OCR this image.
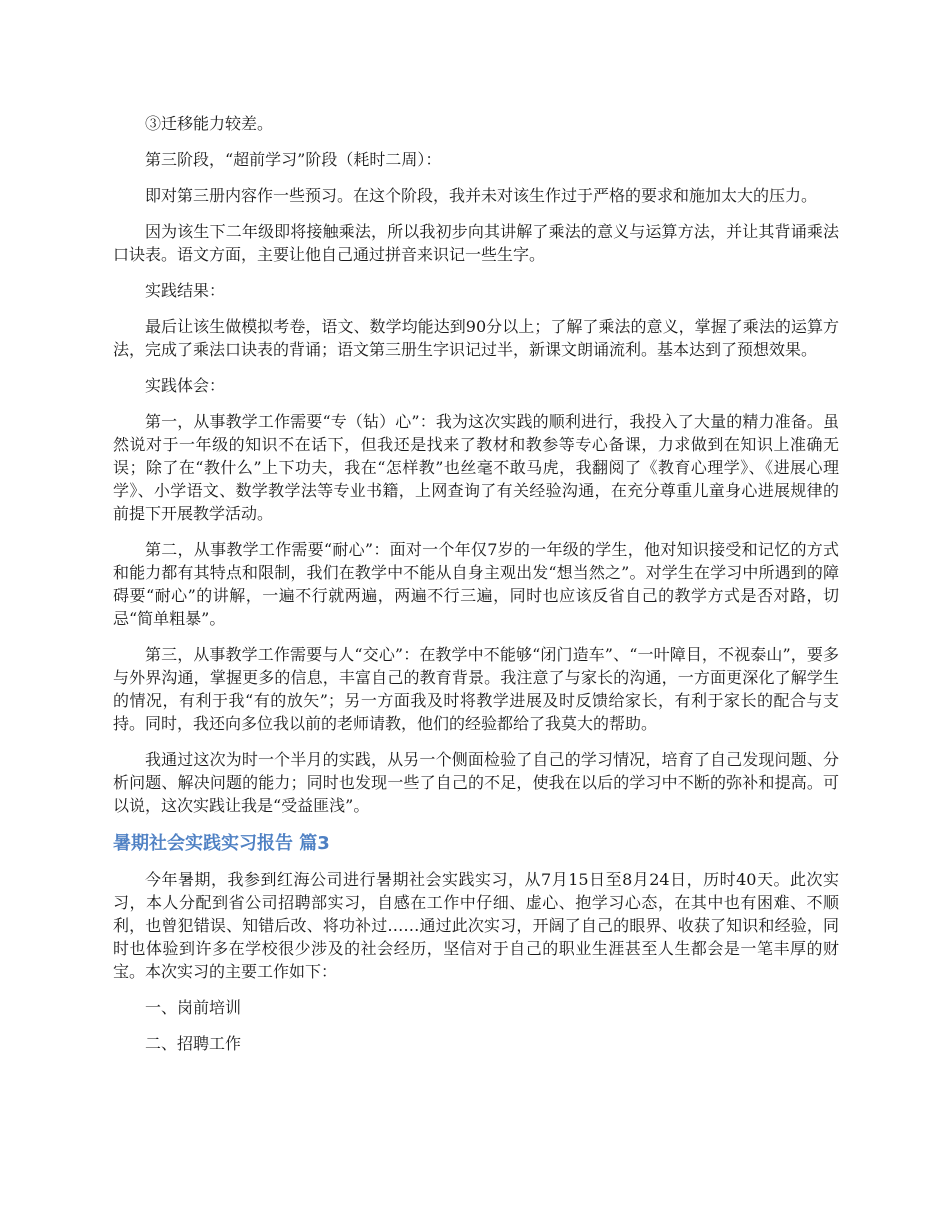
③迁移能力较差。

第三阶段，“超前学习”阶段（耗时二周）：

即对第三册内容作一些预习。在这个阶段，我并未对该生作过于严格的要求和施加太大的压力。

因为该生下二年级即将接触乘法，所以我初步向其讲解了乘法的意义与运算方法，并让其背诵乘法口诀表。语文方面，主要让他自己通过拼音来识记一些生字。

实践结果：

最后让该生做模拟考卷，语文、数学均能达到90分以上；了解了乘法的意义，掌握了乘法的运算方法，完成了乘法口诀表的背诵；语文第三册生字识记过半，新课文朗诵流利。基本达到了预想效果。

实践体会：

第一，从事教学工作需要“专（钻）心”：我为这次实践的顺利进行，我投入了大量的精力准备。虽然说对于一年级的知识不在话下，但我还是找来了教材和教参等专心备课，力求做到在知识上准确无误；除了在“教什么”上下功夫，我在“怎样教”也丝毫不敢马虎，我翻阅了《教育心理学》、《进展心理学》、小学语文、数学教学法等专业书籍，上网查询了有关经验沟通，在充分尊重儿童身心进展规律的前提下开展教学活动。

第二，从事教学工作需要“耐心”：面对一个年仅7岁的一年级的学生，他对知识接受和记忆的方式和能力都有其特点和限制，我们在教学中不能从自身主观出发“想当然之”。对学生在学习中所遇到的障碍要“耐心”的讲解，一遍不行就两遍，两遍不行三遍，同时也应该反省自己的教学方式是否对路，切忌“简单粗暴”。

第三，从事教学工作需要与人“交心”：在教学中不能够“闭门造车”、“一叶障目，不视泰山”，要多与外界沟通，掌握更多的信息，丰富自己的教育背景。我注意了与家长的沟通，一方面更深化了解学生的情况，有利于我“有的放矢”；另一方面我及时将教学进展及时反馈给家长，有利于家长的配合与支持。同时，我还向多位我以前的老师请教，他们的经验都给了我莫大的帮助。

我通过这次为时一个半月的实践，从另一个侧面检验了自己的学习情况，培育了自己发现问题、分析问题、解决问题的能力；同时也发现一些了自己的不足，使我在以后的学习中不断的弥补和提高。可以说，这次实践让我是“受益匪浅”。

暑期社会实践实习报告 篇3

今年暑期，我参到红海公司进行暑期社会实践实习，从7月15日至8月24日，历时40天。此次实习，本人分配到省公司招聘部实习，自感在工作中仔细、虚心、抱学习心态，在其中也有困难、不顺利，也曾犯错误、知错后改、将功补过……通过此次实习，开阔了自己的眼界、收获了知识和经验，同时也体验到许多在学校很少涉及的社会经历，坚信对于自己的职业生涯甚至人生都会是一笔丰厚的财宝。本次实习的主要工作如下：

一、岗前培训

二、招聘工作
